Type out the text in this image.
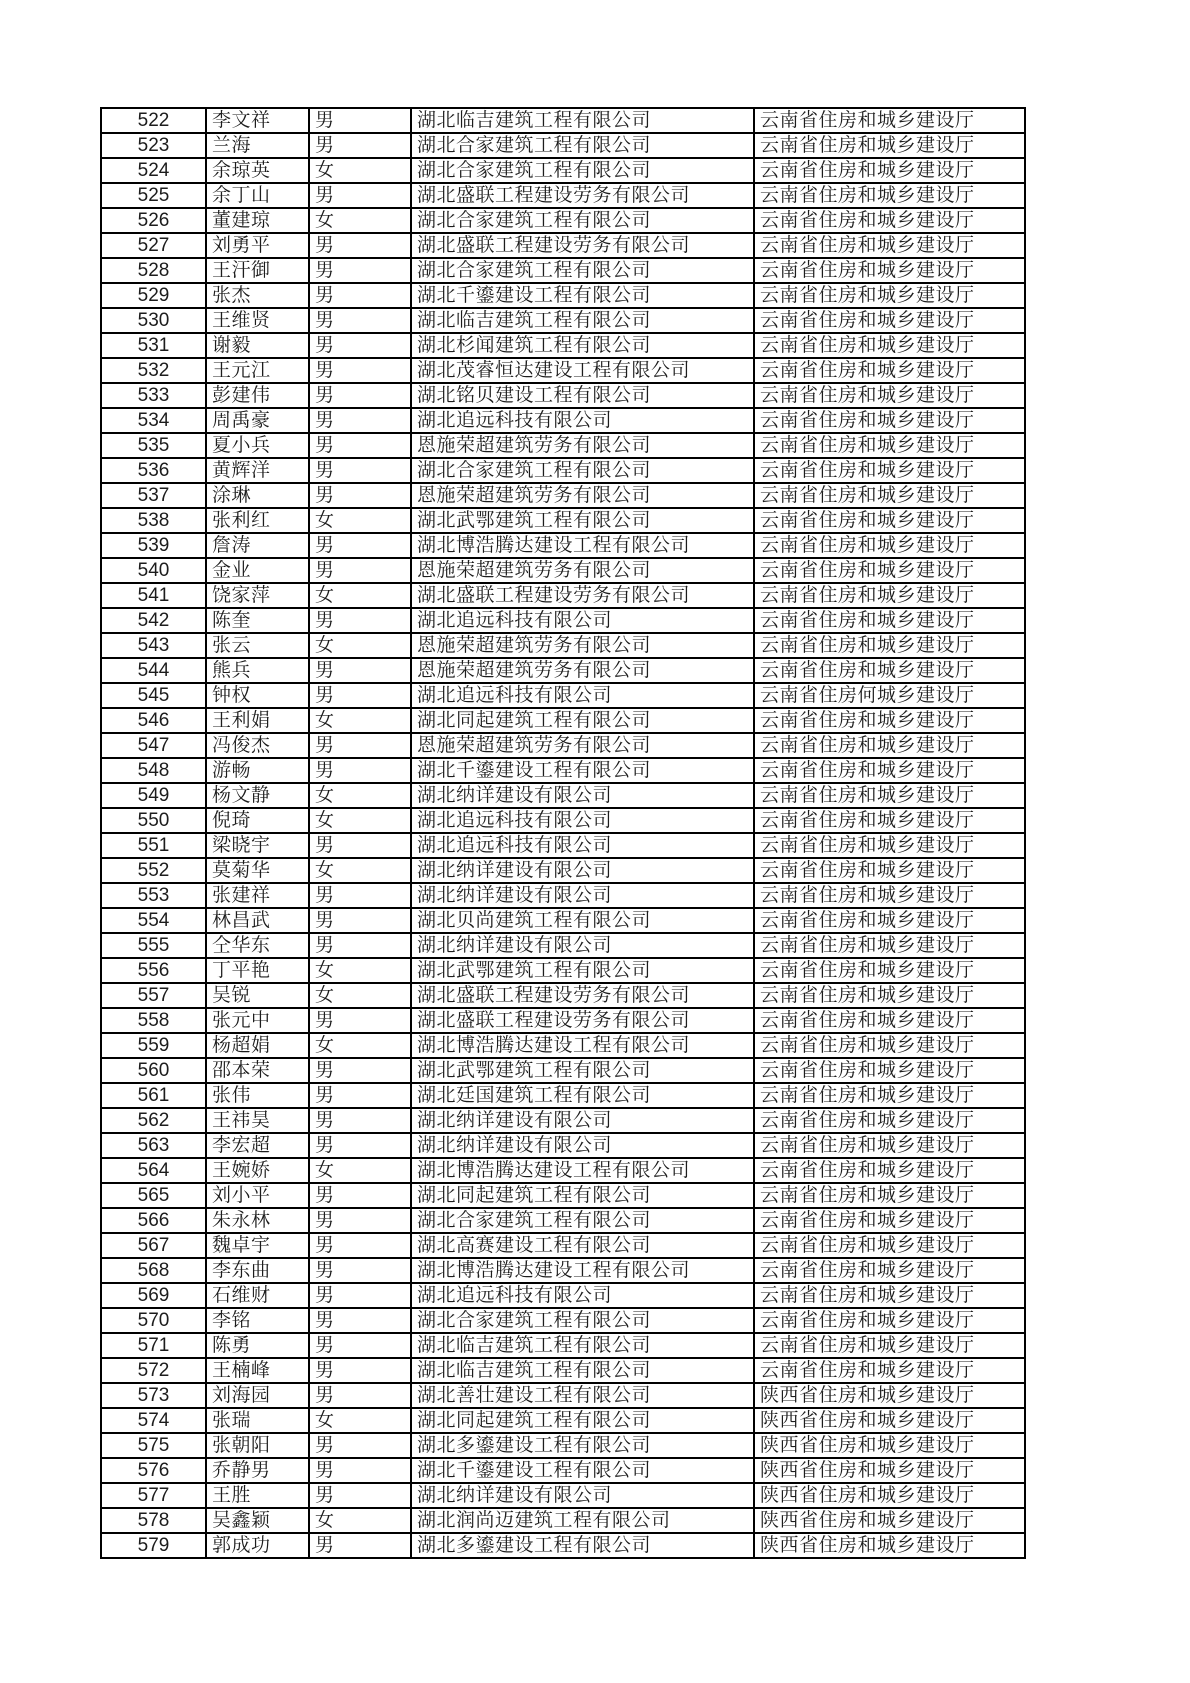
522	李文祥	男	湖北临吉建筑工程有限公司	云南省住房和城乡建设厅
523	兰海	男	湖北合家建筑工程有限公司	云南省住房和城乡建设厅
524	余琼英	女	湖北合家建筑工程有限公司	云南省住房和城乡建设厅
525	余丁山	男	湖北盛联工程建设劳务有限公司	云南省住房和城乡建设厅
526	董建琼	女	湖北合家建筑工程有限公司	云南省住房和城乡建设厅
527	刘勇平	男	湖北盛联工程建设劳务有限公司	云南省住房和城乡建设厅
528	王汗御	男	湖北合家建筑工程有限公司	云南省住房和城乡建设厅
529	张杰	男	湖北千鎏建设工程有限公司	云南省住房和城乡建设厅
530	王维贤	男	湖北临吉建筑工程有限公司	云南省住房和城乡建设厅
531	谢毅	男	湖北杉闻建筑工程有限公司	云南省住房和城乡建设厅
532	王元江	男	湖北茂睿恒达建设工程有限公司	云南省住房和城乡建设厅
533	彭建伟	男	湖北铭贝建设工程有限公司	云南省住房和城乡建设厅
534	周禹豪	男	湖北追远科技有限公司	云南省住房和城乡建设厅
535	夏小兵	男	恩施荣超建筑劳务有限公司	云南省住房和城乡建设厅
536	黄辉洋	男	湖北合家建筑工程有限公司	云南省住房和城乡建设厅
537	涂琳	男	恩施荣超建筑劳务有限公司	云南省住房和城乡建设厅
538	张利红	女	湖北武鄂建筑工程有限公司	云南省住房和城乡建设厅
539	詹涛	男	湖北博浩腾达建设工程有限公司	云南省住房和城乡建设厅
540	金业	男	恩施荣超建筑劳务有限公司	云南省住房和城乡建设厅
541	饶家萍	女	湖北盛联工程建设劳务有限公司	云南省住房和城乡建设厅
542	陈奎	男	湖北追远科技有限公司	云南省住房和城乡建设厅
543	张云	女	恩施荣超建筑劳务有限公司	云南省住房和城乡建设厅
544	熊兵	男	恩施荣超建筑劳务有限公司	云南省住房和城乡建设厅
545	钟权	男	湖北追远科技有限公司	云南省住房何城乡建设厅
546	王利娟	女	湖北同起建筑工程有限公司	云南省住房和城乡建设厅
547	冯俊杰	男	恩施荣超建筑劳务有限公司	云南省住房和城乡建设厅
548	游畅	男	湖北千鎏建设工程有限公司	云南省住房和城乡建设厅
549	杨文静	女	湖北纳详建设有限公司	云南省住房和城乡建设厅
550	倪琦	女	湖北追远科技有限公司	云南省住房和城乡建设厅
551	梁晓宇	男	湖北追远科技有限公司	云南省住房和城乡建设厅
552	莫菊华	女	湖北纳详建设有限公司	云南省住房和城乡建设厅
553	张建祥	男	湖北纳详建设有限公司	云南省住房和城乡建设厅
554	林昌武	男	湖北贝尚建筑工程有限公司	云南省住房和城乡建设厅
555	仝华东	男	湖北纳详建设有限公司	云南省住房和城乡建设厅
556	丁平艳	女	湖北武鄂建筑工程有限公司	云南省住房和城乡建设厅
557	吴锐	女	湖北盛联工程建设劳务有限公司	云南省住房和城乡建设厅
558	张元中	男	湖北盛联工程建设劳务有限公司	云南省住房和城乡建设厅
559	杨超娟	女	湖北博浩腾达建设工程有限公司	云南省住房和城乡建设厅
560	邵本荣	男	湖北武鄂建筑工程有限公司	云南省住房和城乡建设厅
561	张伟	男	湖北廷国建筑工程有限公司	云南省住房和城乡建设厅
562	王祎昊	男	湖北纳详建设有限公司	云南省住房和城乡建设厅
563	李宏超	男	湖北纳详建设有限公司	云南省住房和城乡建设厅
564	王婉娇	女	湖北博浩腾达建设工程有限公司	云南省住房和城乡建设厅
565	刘小平	男	湖北同起建筑工程有限公司	云南省住房和城乡建设厅
566	朱永林	男	湖北合家建筑工程有限公司	云南省住房和城乡建设厅
567	魏卓宇	男	湖北高赛建设工程有限公司	云南省住房和城乡建设厅
568	李东曲	男	湖北博浩腾达建设工程有限公司	云南省住房和城乡建设厅
569	石维财	男	湖北追远科技有限公司	云南省住房和城乡建设厅
570	李铭	男	湖北合家建筑工程有限公司	云南省住房和城乡建设厅
571	陈勇	男	湖北临吉建筑工程有限公司	云南省住房和城乡建设厅
572	王楠峰	男	湖北临吉建筑工程有限公司	云南省住房和城乡建设厅
573	刘海园	男	湖北善壮建设工程有限公司	陕西省住房和城乡建设厅
574	张瑞	女	湖北同起建筑工程有限公司	陕西省住房和城乡建设厅
575	张朝阳	男	湖北多鎏建设工程有限公司	陕西省住房和城乡建设厅
576	乔静男	男	湖北千鎏建设工程有限公司	陕西省住房和城乡建设厅
577	王胜	男	湖北纳详建设有限公司	陕西省住房和城乡建设厅
578	吴鑫颖	女	湖北润尚迈建筑工程有限公司	陕西省住房和城乡建设厅
579	郭成功	男	湖北多鎏建设工程有限公司	陕西省住房和城乡建设厅
